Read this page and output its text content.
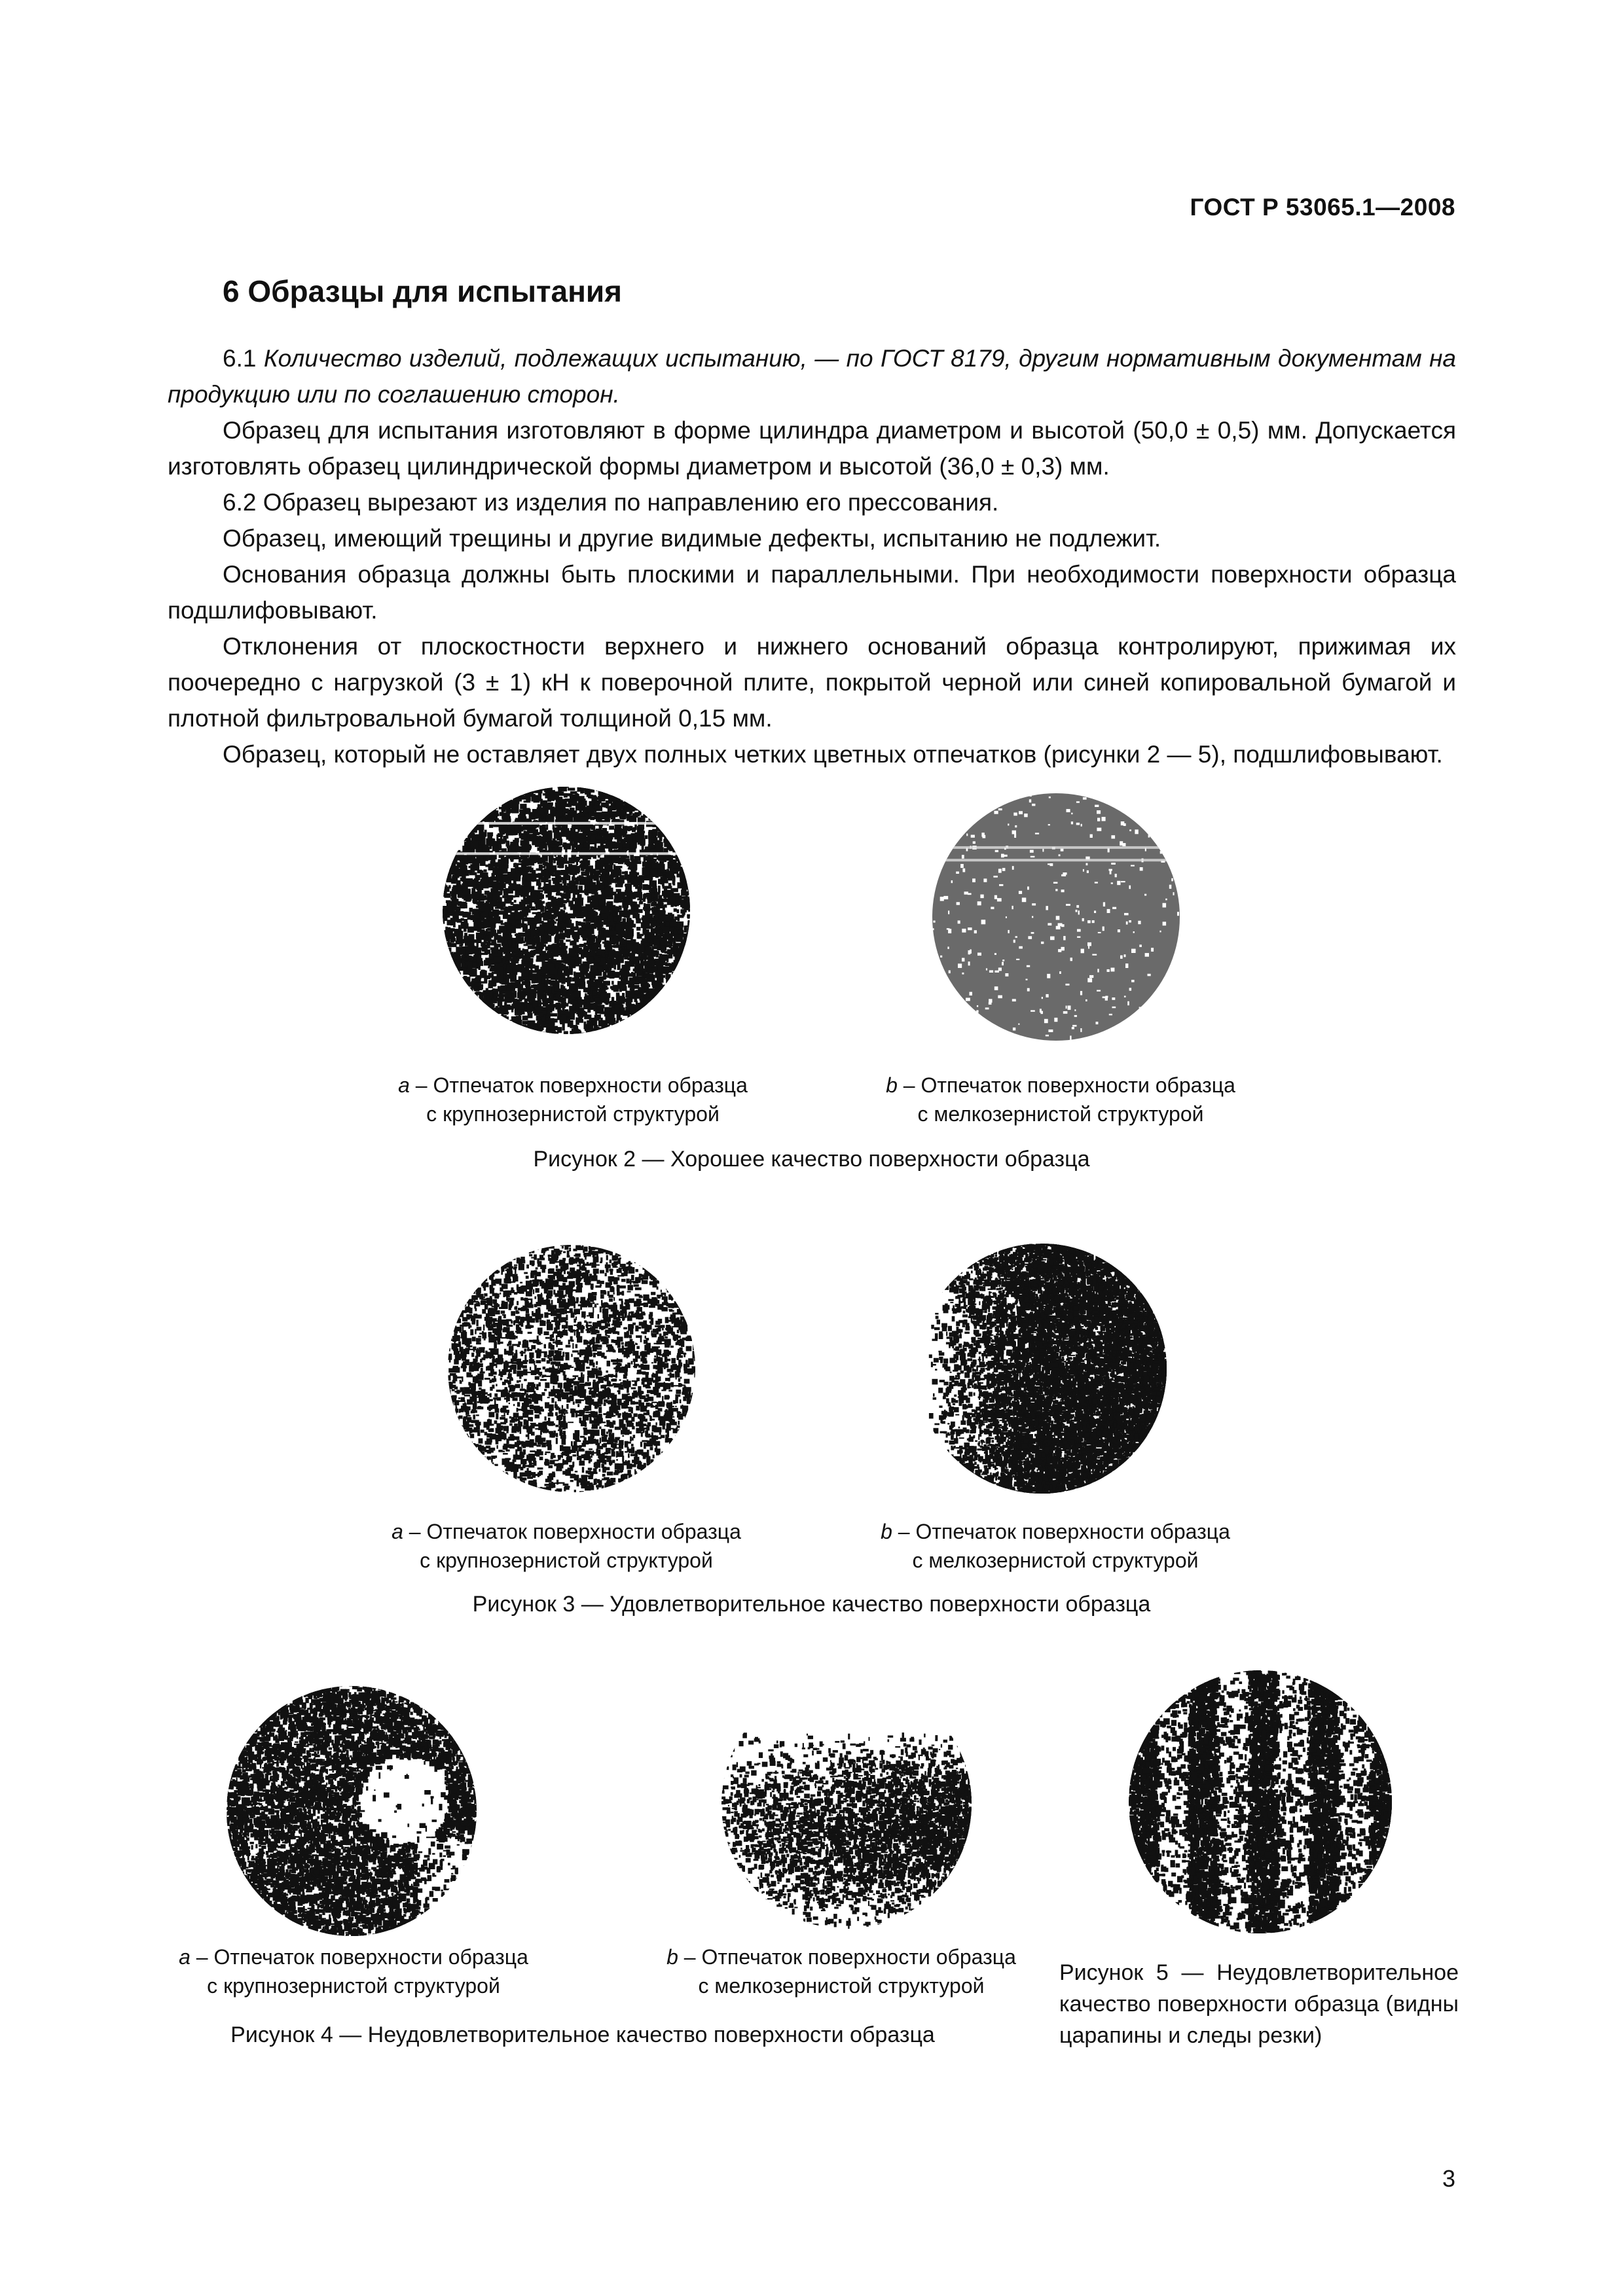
ГОСТ Р 53065.1—2008
6 Образцы для испытания

6.1 Количество изделий, подлежащих испытанию, — по ГОСТ 8179, другим нормативным документам на продукцию или по соглашению сторон.

Образец для испытания изготовляют в форме цилиндра диаметром и высотой (50,0 ± 0,5) мм. Допускается изготовлять образец цилиндрической формы диаметром и высотой (36,0 ± 0,3) мм.

6.2 Образец вырезают из изделия по направлению его прессования.

Образец, имеющий трещины и другие видимые дефекты, испытанию не подлежит.

Основания образца должны быть плоскими и параллельными. При необходимости поверхности образца подшлифовывают.

Отклонения от плоскостности верхнего и нижнего оснований образца контролируют, прижимая их поочередно с нагрузкой (3 ± 1) кН к поверочной плите, покрытой черной или синей копировальной бумагой и плотной фильтровальной бумагой толщиной 0,15 мм.

Образец, который не оставляет двух полных четких цветных отпечатков (рисунки 2 — 5), подшлифовывают.

а – Отпечаток поверхности образца
с крупнозернистой структурой
b – Отпечаток поверхности образца
с мелкозернистой структурой
Рисунок 2 — Хорошее качество поверхности образца
а – Отпечаток поверхности образца
с крупнозернистой структурой
b – Отпечаток поверхности образца
с мелкозернистой структурой
Рисунок 3 — Удовлетворительное качество поверхности образца
а – Отпечаток поверхности образца
с крупнозернистой структурой
b – Отпечаток поверхности образца
с мелкозернистой структурой
Рисунок 4 — Неудовлетворительное качество поверхности образца
Рисунок 5 — Неудовлетворительное качество поверхности образца (видны царапины и следы резки)
3
